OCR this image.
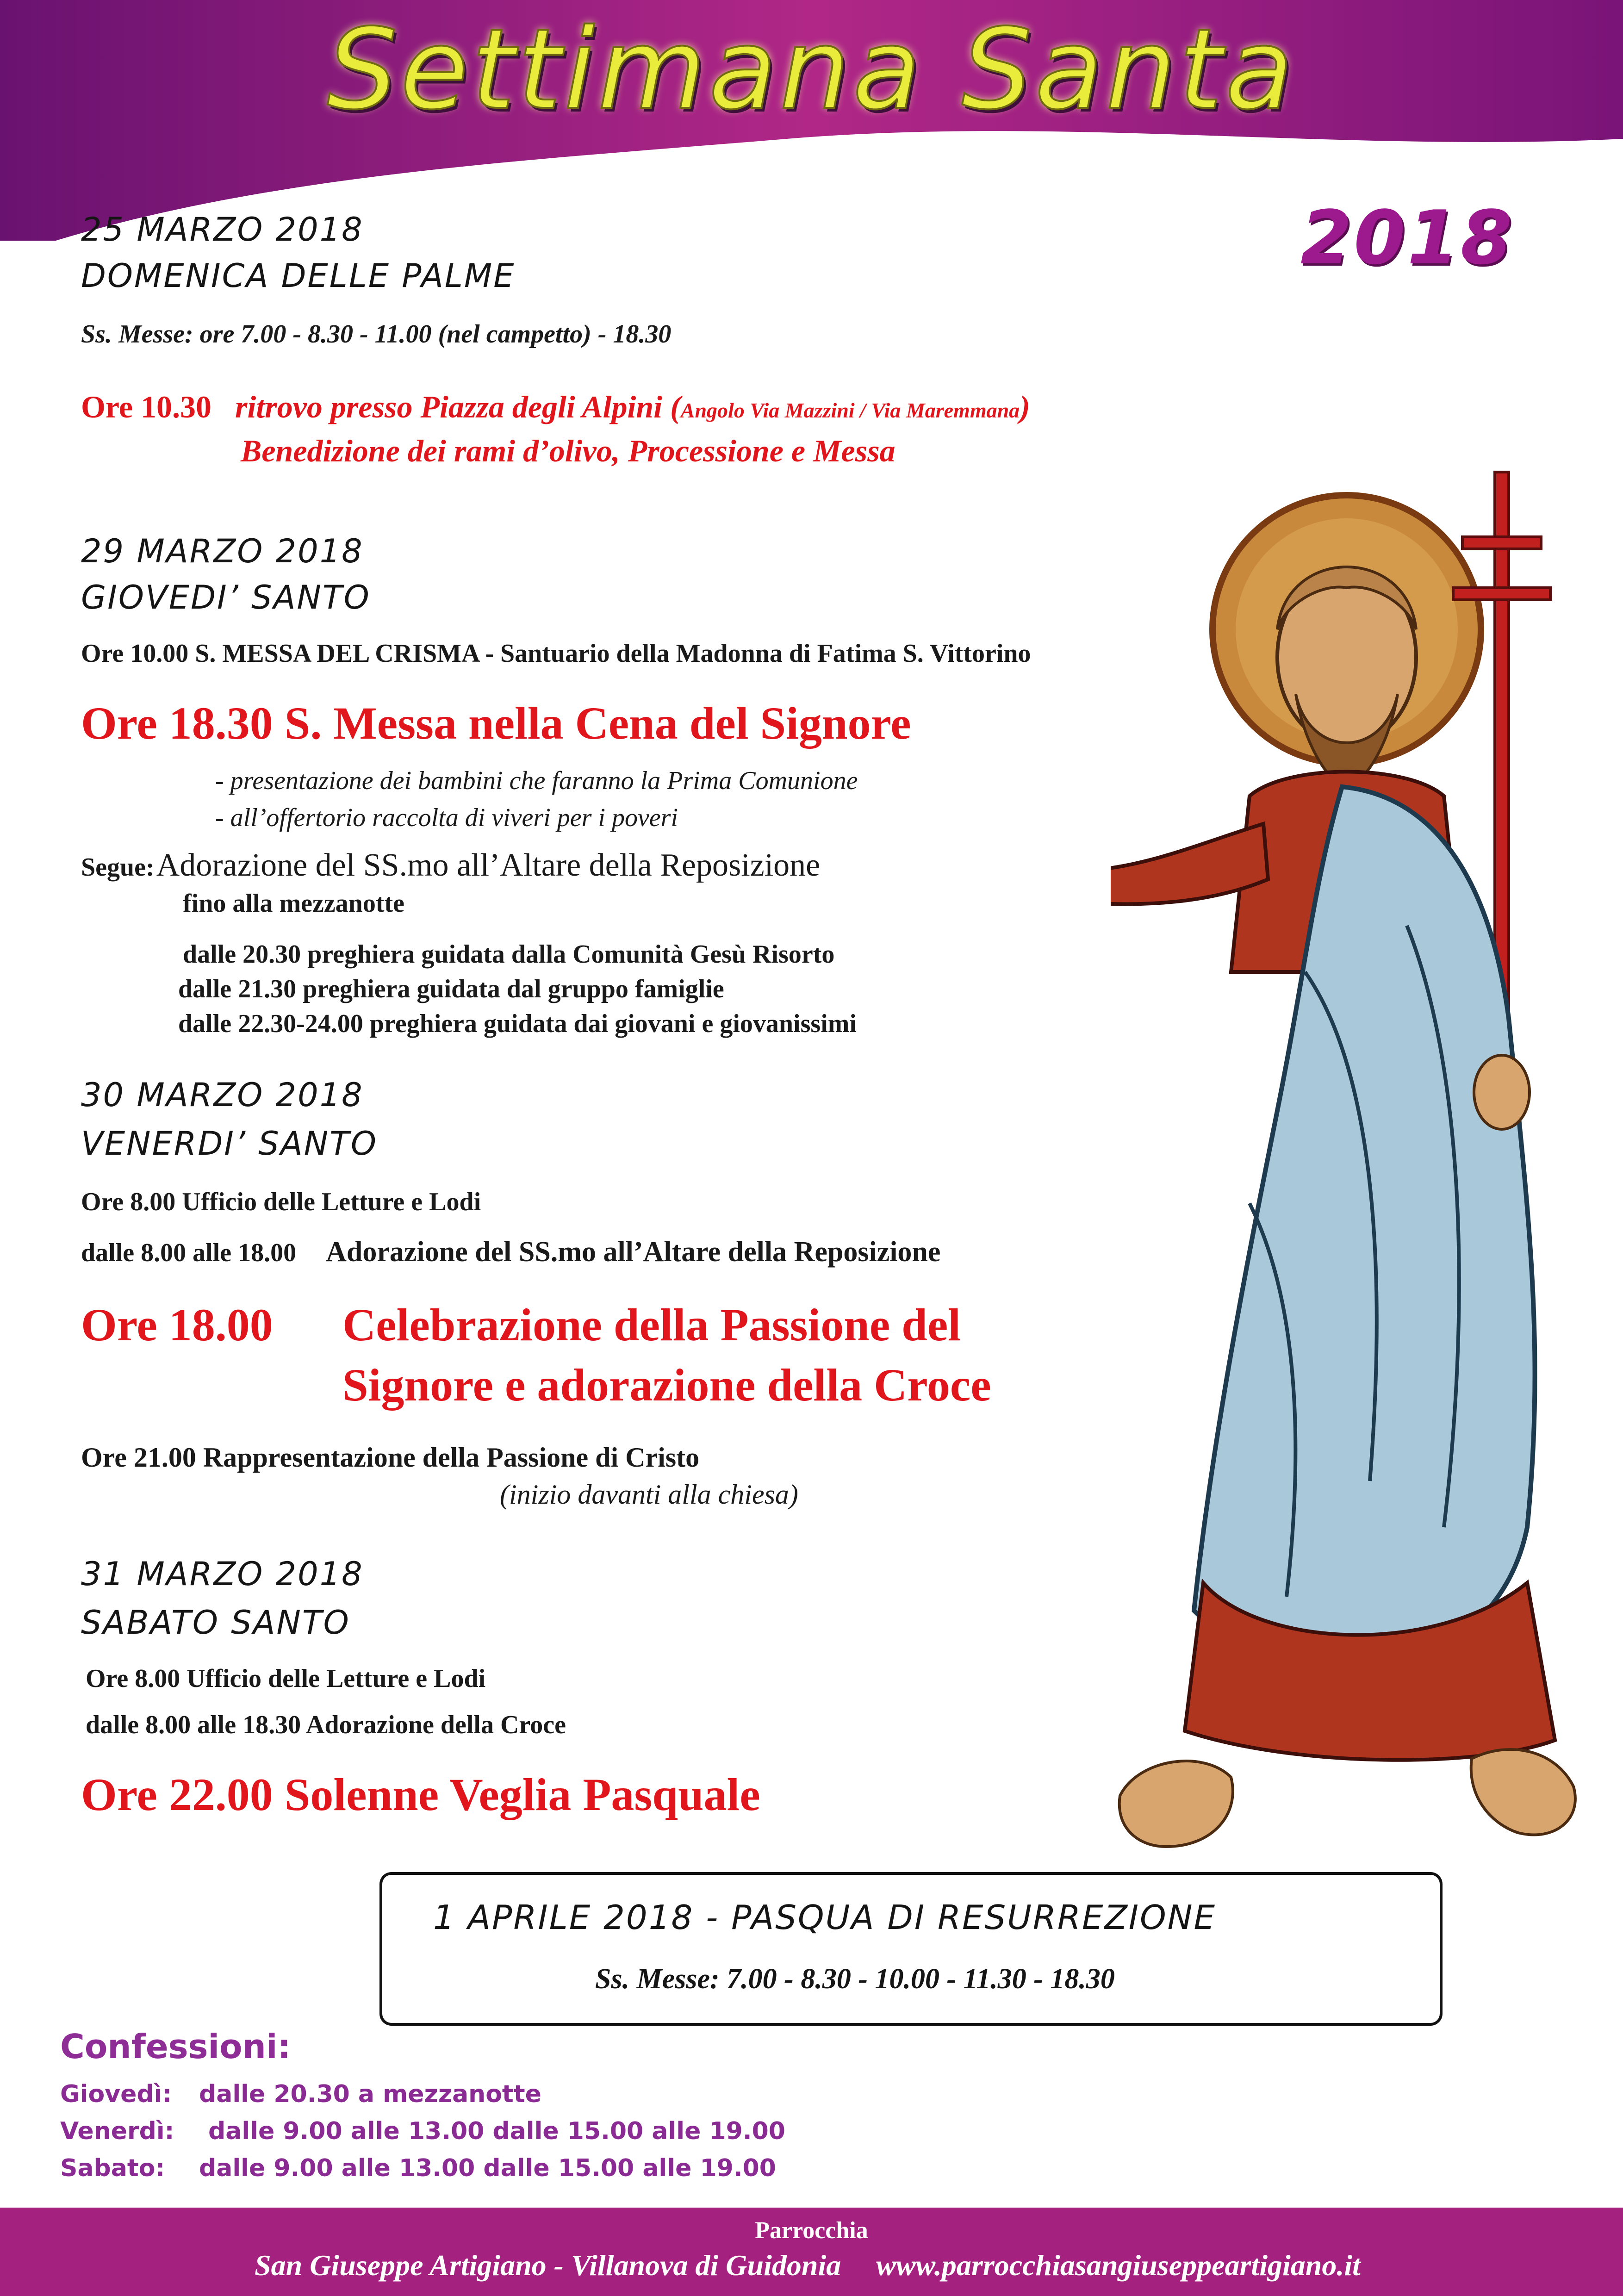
Settimana Santa
2018
25 MARZO 2018
DOMENICA DELLE PALME
Ss. Messe: ore 7.00 - 8.30 - 11.00 (nel campetto) - 18.30
Ore 10.30 ritrovo presso Piazza degli Alpini (Angolo Via Mazzini / Via Maremmana)
Benedizione dei rami d’olivo, Processione e Messa
29 MARZO 2018
GIOVEDI’ SANTO
Ore 10.00 S. MESSA DEL CRISMA - Santuario della Madonna di Fatima S. Vittorino
Ore 18.30 S. Messa nella Cena del Signore
- presentazione dei bambini che faranno la Prima Comunione
- all’offertorio raccolta di viveri per i poveri
Segue: Adorazione del SS.mo all’Altare della Reposizione
fino alla mezzanotte
dalle 20.30 preghiera guidata dalla Comunità Gesù Risorto
dalle 21.30 preghiera guidata dal gruppo famiglie
dalle 22.30-24.00 preghiera guidata dai giovani e giovanissimi
30 MARZO 2018
VENERDI’ SANTO
Ore 8.00 Ufficio delle Letture e Lodi
dalle 8.00 alle 18.00 Adorazione del SS.mo all’Altare della Reposizione
Ore 18.00 Celebrazione della Passione del
Signore e adorazione della Croce
Ore 21.00 Rappresentazione della Passione di Cristo
(inizio davanti alla chiesa)
31 MARZO 2018
SABATO SANTO
Ore 8.00 Ufficio delle Letture e Lodi
dalle 8.00 alle 18.30 Adorazione della Croce
Ore 22.00 Solenne Veglia Pasquale
1 APRILE 2018 - PASQUA DI RESURREZIONE
Ss. Messe: 7.00 - 8.30 - 10.00 - 11.30 - 18.30
Confessioni:
Giovedì: dalle 20.30 a mezzanotte
Venerdì: dalle 9.00 alle 13.00 dalle 15.00 alle 19.00
Sabato: dalle 9.00 alle 13.00 dalle 15.00 alle 19.00
Parrocchia
San Giuseppe Artigiano - Villanova di Guidonia www.parrocchiasangiuseppeartigiano.it
